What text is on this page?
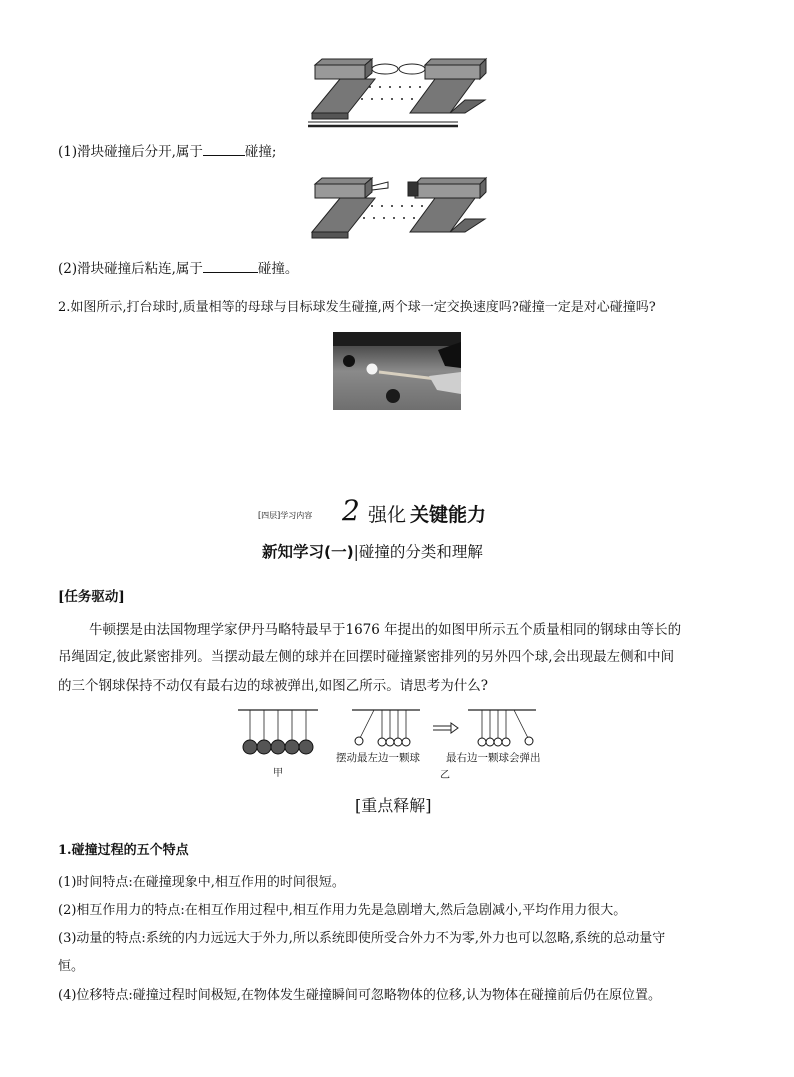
(1)滑块碰撞后分开,属于	碰撞;
(2)滑块碰撞后粘连,属于	碰撞。
2.如图所示,打台球时,质量相等的母球与目标球发生碰撞,两个球一定交换速度吗?碰撞一定是对心碰撞吗?
[四层]学习内容 2 强化 关键能力
新知学习(一)|碰撞的分类和理解
[任务驱动]
牛顿摆是由法国物理学家伊丹马略特最早于1676 年提出的如图甲所示五个质量相同的钢球由等长的
吊绳固定,彼此紧密排列。当摆动最左侧的球并在回摆时碰撞紧密排列的另外四个球,会出现最左侧和中间
的三个钢球保持不动仅有最右边的球被弹出,如图乙所示。请思考为什么?
甲
摆动最左边一颗球 最右边一颗球会弹出
乙
[重点释解]
1.碰撞过程的五个特点
(1)时间特点:在碰撞现象中,相互作用的时间很短。
(2)相互作用力的特点:在相互作用过程中,相互作用力先是急剧增大,然后急剧减小,平均作用力很大。
(3)动量的特点:系统的内力远远大于外力,所以系统即使所受合外力不为零,外力也可以忽略,系统的总动量守
恒。
(4)位移特点:碰撞过程时间极短,在物体发生碰撞瞬间可忽略物体的位移,认为物体在碰撞前后仍在原位置。
